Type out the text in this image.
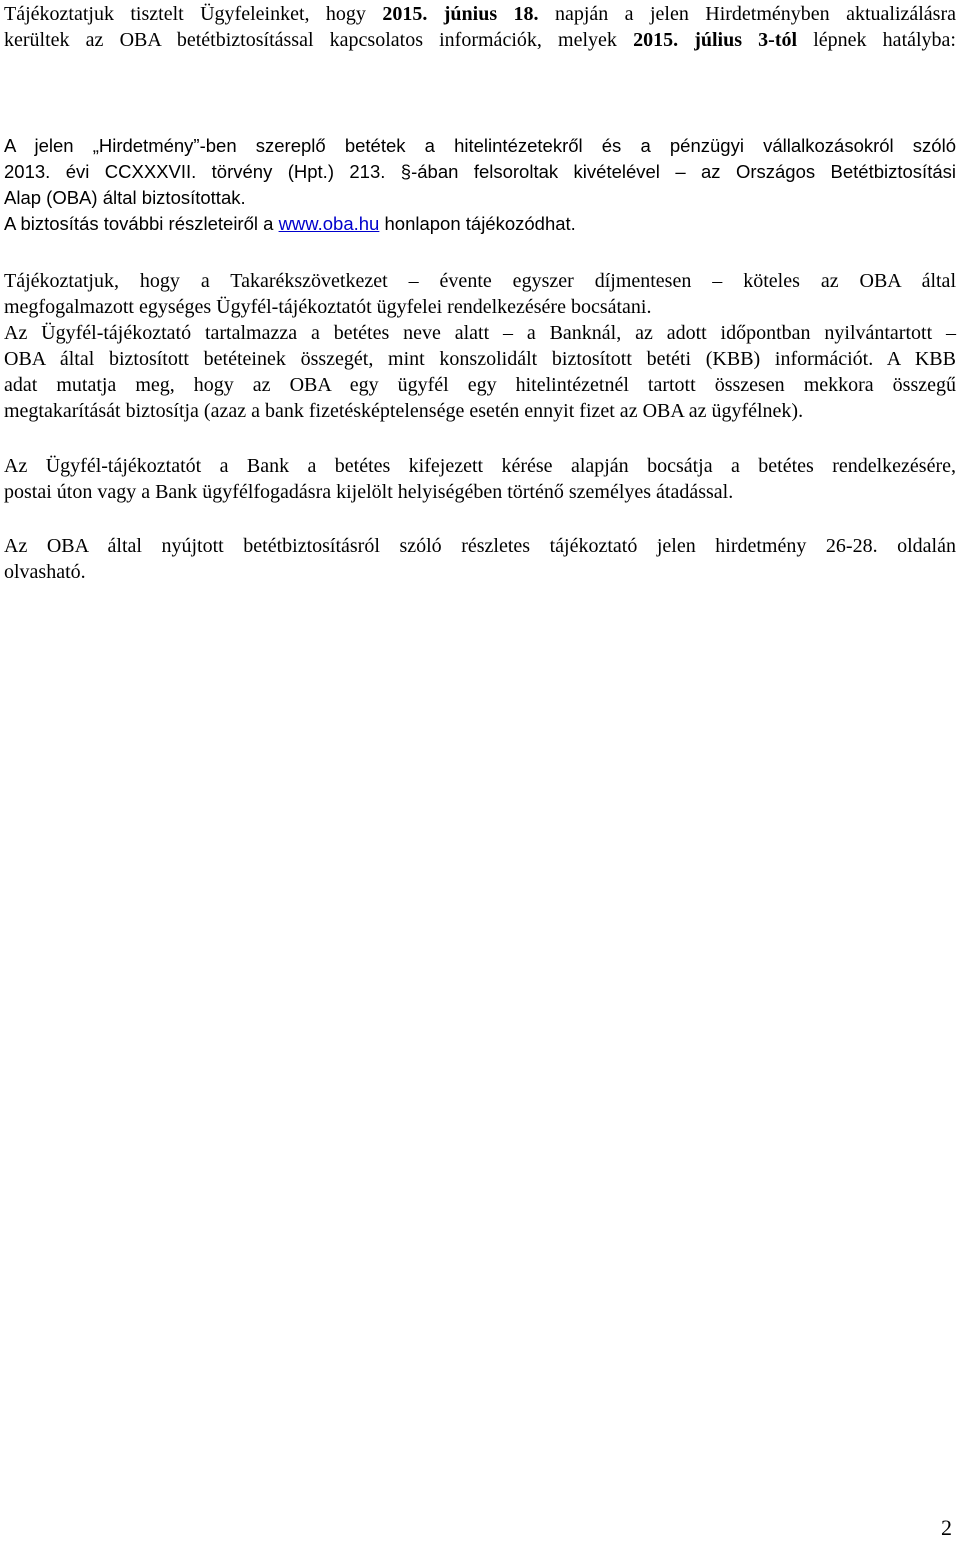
Tájékoztatjuk tisztelt Ügyfeleinket, hogy 2015. június 18. napján a jelen Hirdetményben aktualizálásra
kerültek az OBA betétbiztosítással kapcsolatos információk, melyek 2015. július 3-tól lépnek hatályba:
A jelen „Hirdetmény”-ben szereplő betétek a hitelintézetekről és a pénzügyi vállalkozásokról szóló
2013. évi CCXXXVII. törvény (Hpt.) 213. §-ában felsoroltak kivételével – az Országos Betétbiztosítási
Alap (OBA) által biztosítottak.
A biztosítás további részleteiről a www.oba.hu honlapon tájékozódhat.
Tájékoztatjuk, hogy a Takarékszövetkezet – évente egyszer díjmentesen – köteles az OBA által
megfogalmazott egységes Ügyfél-tájékoztatót ügyfelei rendelkezésére bocsátani.
Az Ügyfél-tájékoztató tartalmazza a betétes neve alatt – a Banknál, az adott időpontban nyilvántartott –
OBA által biztosított betéteinek összegét, mint konszolidált biztosított betéti (KBB) információt. A KBB
adat mutatja meg, hogy az OBA egy ügyfél egy hitelintézetnél tartott összesen mekkora összegű
megtakarítását biztosítja (azaz a bank fizetésképtelensége esetén ennyit fizet az OBA az ügyfélnek).
Az Ügyfél-tájékoztatót a Bank a betétes kifejezett kérése alapján bocsátja a betétes rendelkezésére,
postai úton vagy a Bank ügyfélfogadásra kijelölt helyiségében történő személyes átadással.
Az OBA által nyújtott betétbiztosításról szóló részletes tájékoztató jelen hirdetmény 26-28. oldalán
olvasható.
2
